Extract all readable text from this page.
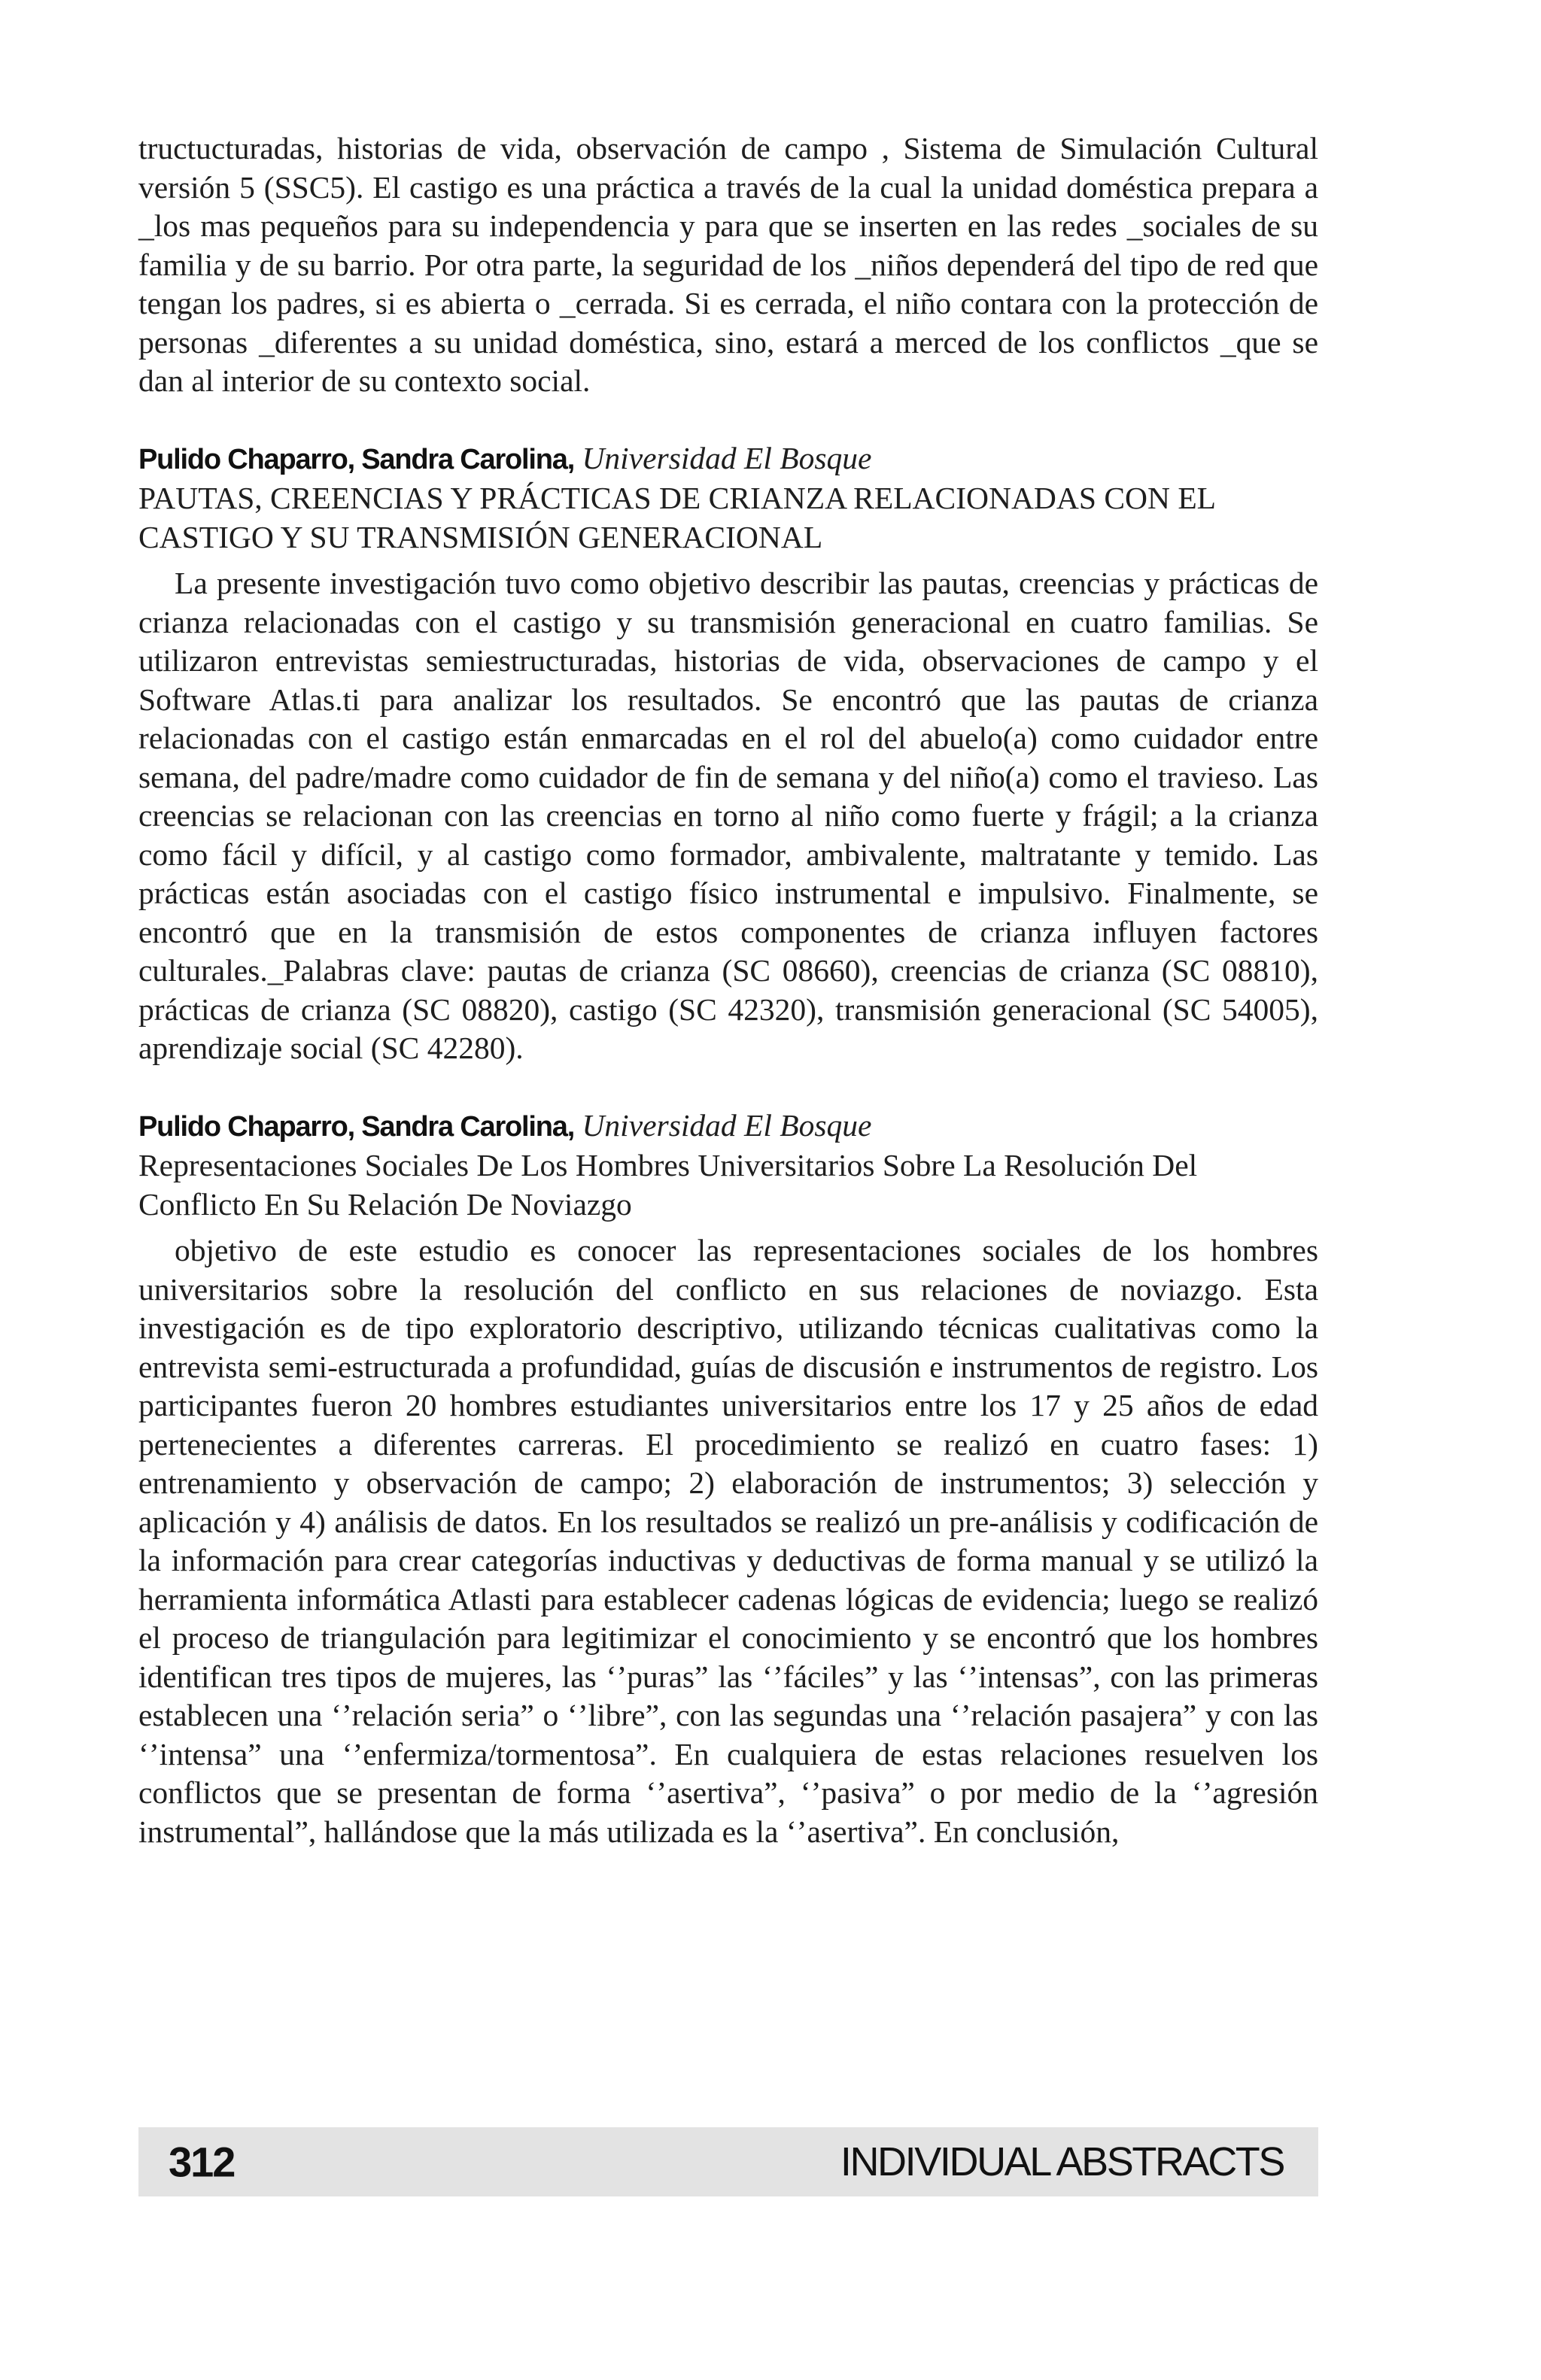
tructucturadas, historias de vida, observación de campo , Sistema de Simulación Cultural versión 5 (SSC5). El castigo es una práctica a través de la cual la unidad doméstica prepara a _los mas pequeños para su independencia y para que se inserten en las redes _sociales de su familia y de su barrio. Por otra parte, la seguridad de los _niños dependerá del tipo de red que tengan los padres, si es abierta o _cerrada. Si es cerrada, el niño contara con la protección de personas _diferentes a su unidad doméstica, sino, estará a merced de los conflictos _que se dan al interior de su contexto social.

Pulido Chaparro, Sandra Carolina, Universidad El Bosque

PAUTAS, CREENCIAS Y PRÁCTICAS DE CRIANZA RELACIONADAS CON EL CASTIGO Y SU TRANSMISIÓN GENERACIONAL

La presente investigación tuvo como objetivo describir las pautas, creencias y prácticas de crianza relacionadas con el castigo y su transmisión generacional en cuatro familias. Se utilizaron entrevistas semiestructuradas, historias de vida, observaciones de campo y el Software Atlas.ti para analizar los resultados. Se encontró que las pautas de crianza relacionadas con el castigo están enmarcadas en el rol del abuelo(a) como cuidador entre semana, del padre/madre como cuidador de fin de semana y del niño(a) como el travieso. Las creencias se relacionan con las creencias en torno al niño como fuerte y frágil; a la crianza como fácil y difícil, y al castigo como formador, ambivalente, maltratante y temido. Las prácticas están asociadas con el castigo físico instrumental e impulsivo. Finalmente, se encontró que en la transmisión de estos componentes de crianza influyen factores culturales._Palabras clave: pautas de crianza (SC 08660), creencias de crianza (SC 08810), prácticas de crianza (SC 08820), castigo (SC 42320), transmisión generacional (SC 54005), aprendizaje social (SC 42280).

Pulido Chaparro, Sandra Carolina, Universidad El Bosque

Representaciones Sociales De Los Hombres Universitarios Sobre La Resolución Del Conflicto En Su Relación De Noviazgo

objetivo de este estudio es conocer las representaciones sociales de los hombres universitarios sobre la resolución del conflicto en sus relaciones de noviazgo. Esta investigación es de tipo exploratorio descriptivo, utilizando técnicas cualitativas como la entrevista semi-estructurada a profundidad, guías de discusión e instrumentos de registro. Los participantes fueron 20 hombres estudiantes universitarios entre los 17 y 25 años de edad pertenecientes a diferentes carreras. El procedimiento se realizó en cuatro fases: 1) entrenamiento y observación de campo; 2) elaboración de instrumentos; 3) selección y aplicación y 4) análisis de datos. En los resultados se realizó un pre-análisis y codificación de la información para crear categorías inductivas y deductivas de forma manual y se utilizó la herramienta informática Atlasti para establecer cadenas lógicas de evidencia; luego se realizó el proceso de triangulación para legitimizar el conocimiento y se encontró que los hombres identifican tres tipos de mujeres, las ‘’puras” las ‘’fáciles” y las ‘’intensas”, con las primeras establecen una ‘’relación seria” o ‘’libre”, con las segundas una ‘’relación pasajera” y con las ‘’intensa” una ‘’enfermiza/tormentosa”. En cualquiera de estas relaciones resuelven los conflictos que se presentan de forma ‘’asertiva”, ‘’pasiva” o por medio de la ‘’agresión instrumental”, hallándose que la más utilizada es la ‘’asertiva”. En conclusión,

312	INDIVIDUAL ABSTRACTS
